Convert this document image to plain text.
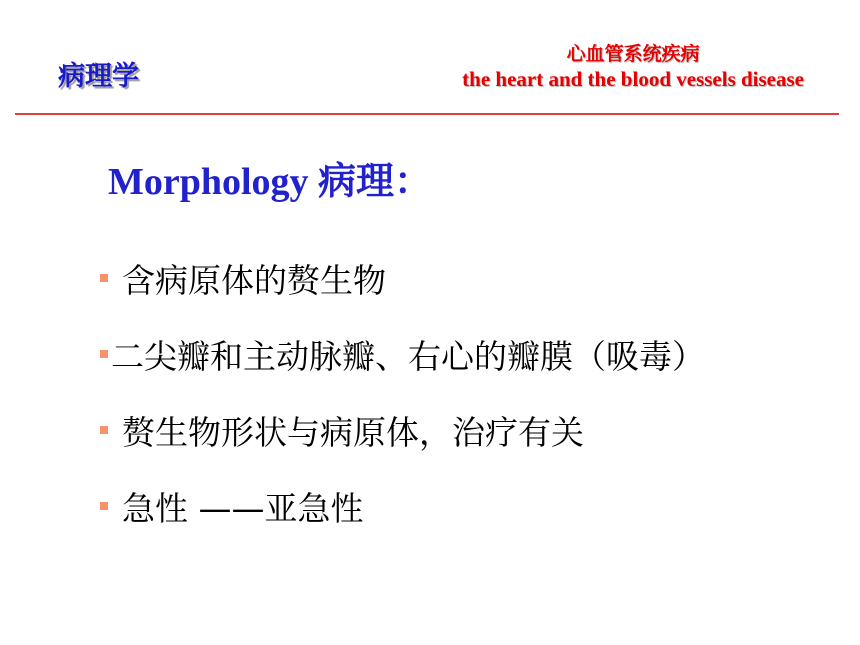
病理学
心血管系统疾病
the heart and the blood vessels disease
Morphology 病理：
含病原体的赘生物
二尖瓣和主动脉瓣、右心的瓣膜（吸毒）
赘生物形状与病原体，治疗有关
急性 ——亚急性
